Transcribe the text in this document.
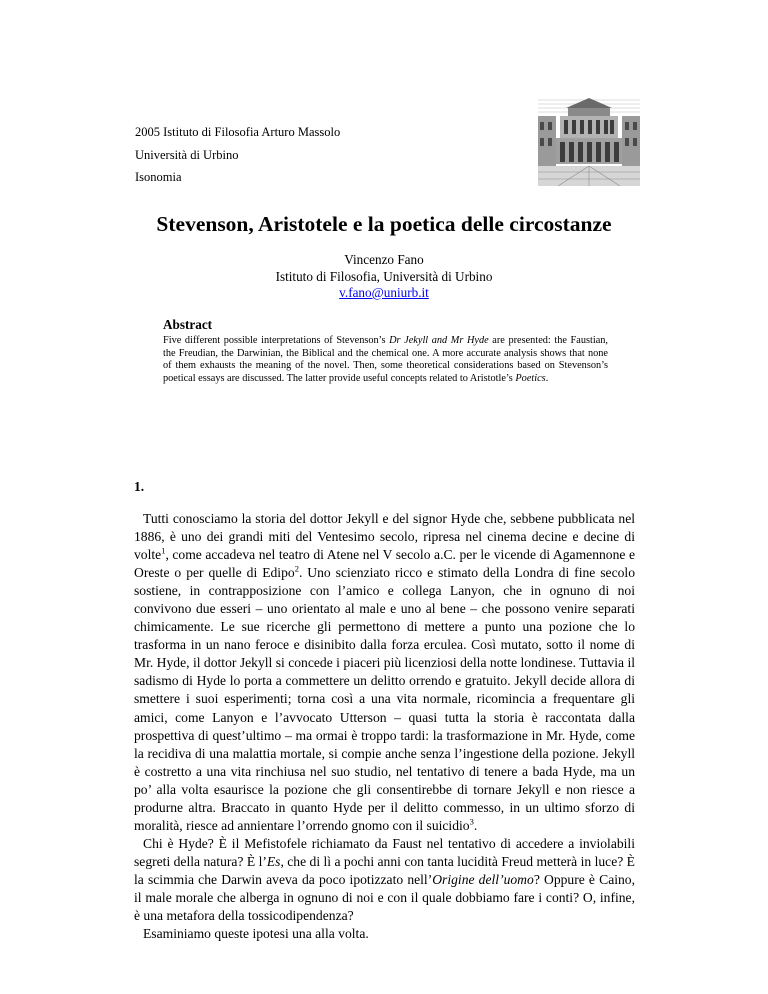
2005 Istituto di Filosofia Arturo Massolo
Università di Urbino
Isonomia
Stevenson, Aristotele e la poetica delle circostanze
Vincenzo Fano
Istituto di Filosofia, Università di Urbino
v.fano@uniurb.it
Abstract
Five different possible interpretations of Stevenson’s Dr Jekyll and Mr Hyde are presented: the Faustian, the Freudian, the Darwinian, the Biblical and the chemical one. A more accurate analysis shows that none of them exhausts the meaning of the novel. Then, some theoretical considerations based on Stevenson’s poetical essays are discussed. The latter provide useful concepts related to Aristotle’s Poetics.
1.

Tutti conosciamo la storia del dottor Jekyll e del signor Hyde che, sebbene pubblicata nel 1886, è uno dei grandi miti del Ventesimo secolo, ripresa nel cinema decine e decine di volte$^1$, come accadeva nel teatro di Atene nel V secolo a.C. per le vicende di Agamennone e Oreste o per quelle di Edipo$^2$. Uno scienziato ricco e stimato della Londra di fine secolo sostiene, in contrapposizione con l’amico e collega Lanyon, che in ognuno di noi convivono due esseri – uno orientato al male e uno al bene – che possono venire separati chimicamente. Le sue ricerche gli permettono di mettere a punto una pozione che lo trasforma in un nano feroce e disinibito dalla forza erculea. Così mutato, sotto il nome di Mr. Hyde, il dottor Jekyll si concede i piaceri più licenziosi della notte londinese. Tuttavia il sadismo di Hyde lo porta a commettere un delitto orrendo e gratuito. Jekyll decide allora di smettere i suoi esperimenti; torna così a una vita normale, ricomincia a frequentare gli amici, come Lanyon e l’avvocato Utterson – quasi tutta la storia è raccontata dalla prospettiva di quest’ultimo – ma ormai è troppo tardi: la trasformazione in Mr. Hyde, come la recidiva di una malattia mortale, si compie anche senza l’ingestione della pozione. Jekyll è costretto a una vita rinchiusa nel suo studio, nel tentativo di tenere a bada Hyde, ma un po’ alla volta esaurisce la pozione che gli consentirebbe di tornare Jekyll e non riesce a produrne altra. Braccato in quanto Hyde per il delitto commesso, in un ultimo sforzo di moralità, riesce ad annientare l’orrendo gnomo con il suicidio$^3$.

Chi è Hyde? È il Mefistofele richiamato da Faust nel tentativo di accedere a inviolabili segreti della natura? È l’Es, che di lì a pochi anni con tanta lucidità Freud metterà in luce? È la scimmia che Darwin aveva da poco ipotizzato nell’Origine dell’uomo? Oppure è Caino, il male morale che alberga in ognuno di noi e con il quale dobbiamo fare i conti? O, infine, è una metafora della tossicodipendenza?

Esaminiamo queste ipotesi una alla volta.
